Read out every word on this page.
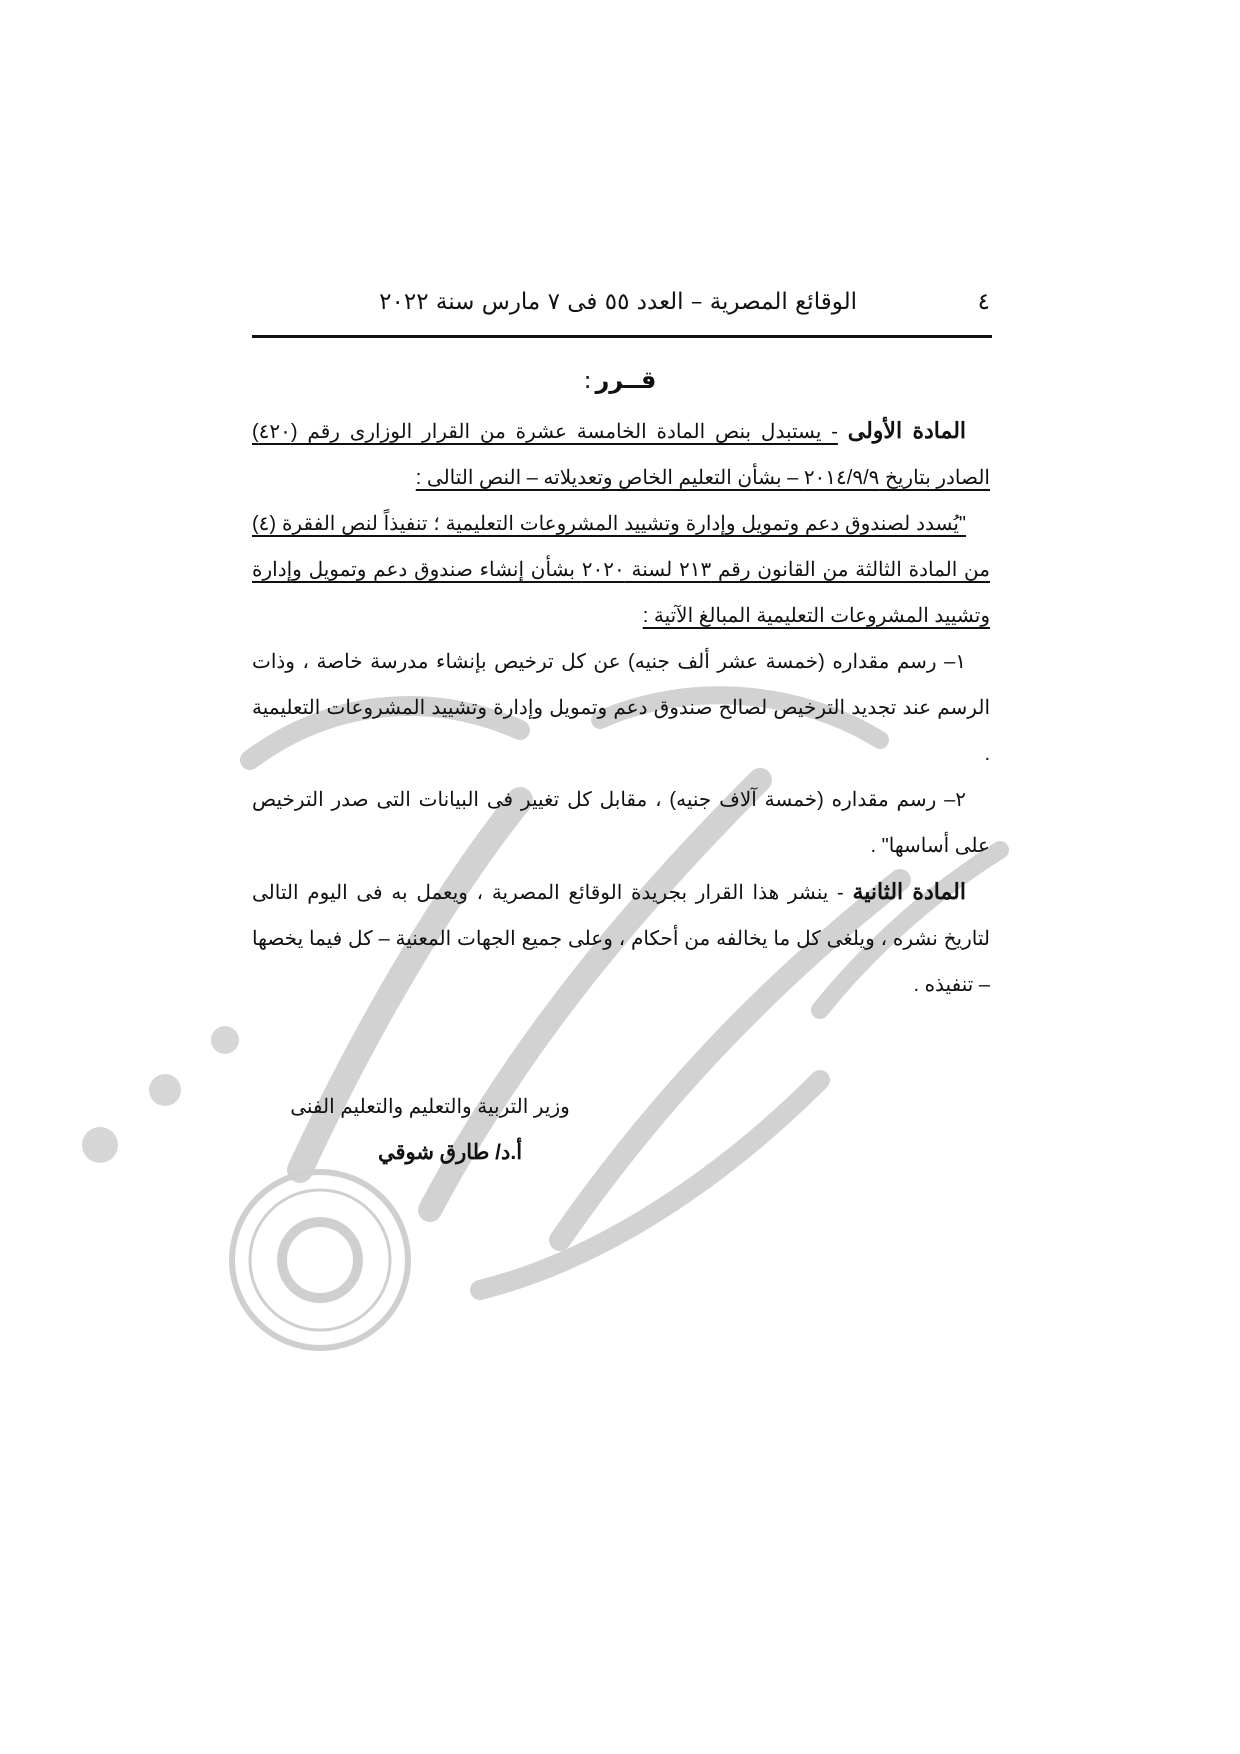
٤
الوقائع المصرية – العدد ٥٥ فى ٧ مارس سنة ٢٠٢٢
قــرر:

المادة الأولى - يستبدل بنص المادة الخامسة عشرة من القرار الوزارى رقم (٤٢٠) الصادر بتاريخ ٢٠١٤/٩/٩ – بشأن التعليم الخاص وتعديلاته – النص التالى :

"يُسدد لصندوق دعم وتمويل وإدارة وتشييد المشروعات التعليمية ؛ تنفيذاً لنص الفقرة (٤) من المادة الثالثة من القانون رقم ٢١٣ لسنة ٢٠٢٠ بشأن إنشاء صندوق دعم وتمويل وإدارة وتشييد المشروعات التعليمية المبالغ الآتية :

١– رسم مقداره (خمسة عشر ألف جنيه) عن كل ترخيص بإنشاء مدرسة خاصة ، وذات الرسم عند تجديد الترخيص لصالح صندوق دعم وتمويل وإدارة وتشييد المشروعات التعليمية .

٢– رسم مقداره (خمسة آلاف جنيه) ، مقابل كل تغيير فى البيانات التى صدر الترخيص على أساسها" .

المادة الثانية - ينشر هذا القرار بجريدة الوقائع المصرية ، ويعمل به فى اليوم التالى لتاريخ نشره ، ويلغى كل ما يخالفه من أحكام ، وعلى جميع الجهات المعنية – كل فيما يخصها – تنفيذه .

وزير التربية والتعليم والتعليم الفنى
أ.د/ طارق شوقي
